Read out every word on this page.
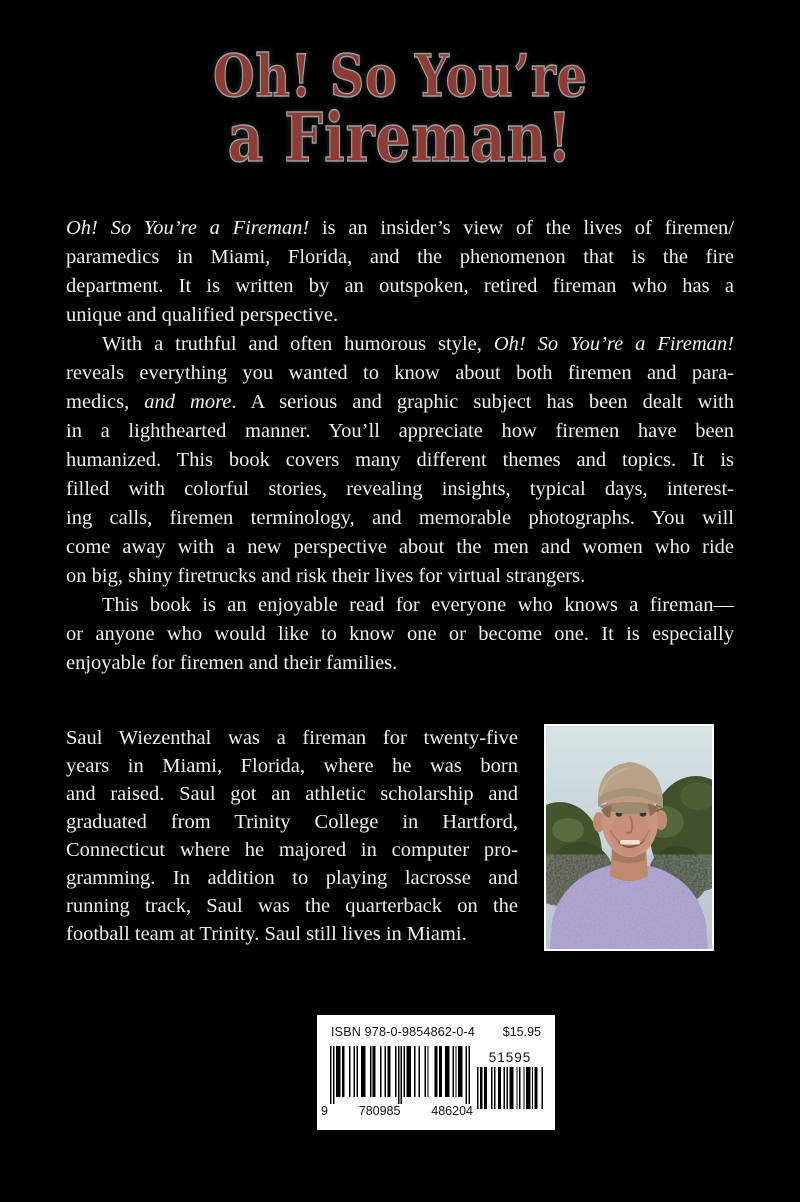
Oh! So You’re
a Fireman!
Oh! So You’re a Fireman! is an insider’s view of the lives of firemen/
paramedics in Miami, Florida, and the phenomenon that is the fire
department. It is written by an outspoken, retired fireman who has a
unique and qualified perspective.
With a truthful and often humorous style, Oh! So You’re a Fireman!
reveals everything you wanted to know about both firemen and para-
medics, and more. A serious and graphic subject has been dealt with
in a lighthearted manner. You’ll appreciate how firemen have been
humanized. This book covers many different themes and topics. It is
filled with colorful stories, revealing insights, typical days, interest-
ing calls, firemen terminology, and memorable photographs. You will
come away with a new perspective about the men and women who ride
on big, shiny firetrucks and risk their lives for virtual strangers.
This book is an enjoyable read for everyone who knows a fireman—
or anyone who would like to know one or become one. It is especially
enjoyable for firemen and their families.
Saul Wiezenthal was a fireman for twenty-five
years in Miami, Florida, where he was born
and raised. Saul got an athletic scholarship and
graduated from Trinity College in Hartford,
Connecticut where he majored in computer pro-
gramming. In addition to playing lacrosse and
running track, Saul was the quarterback on the
football team at Trinity. Saul still lives in Miami.
ISBN 978-0-9854862-0-4 $15.95
9 780985 486204
51595
